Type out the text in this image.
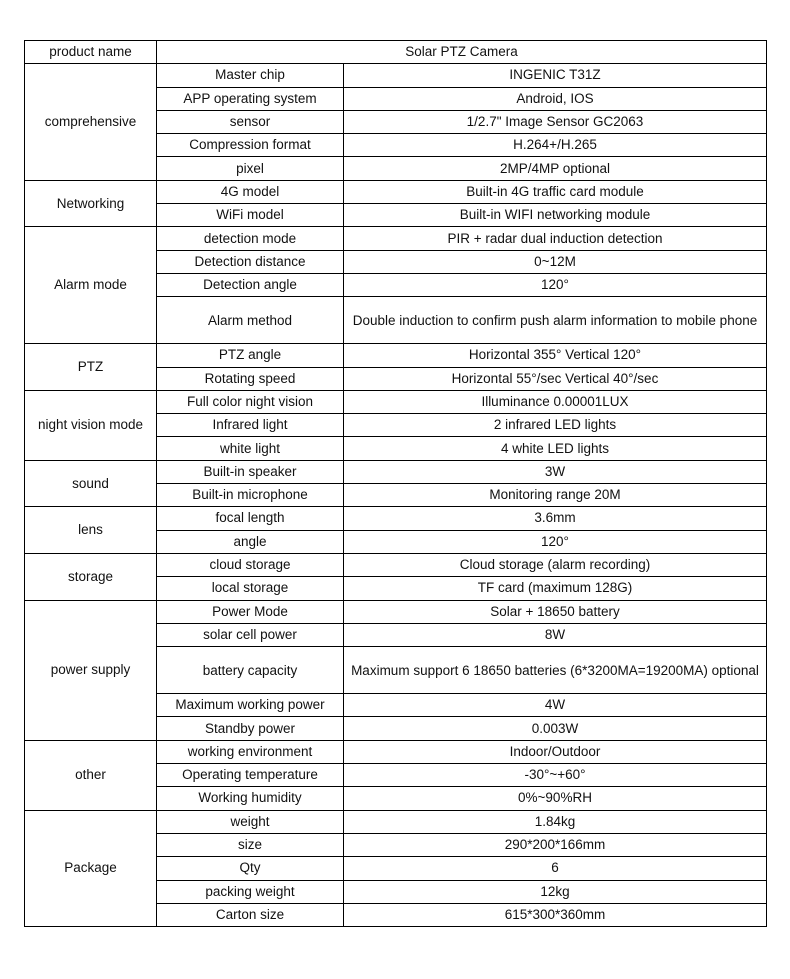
product name	Solar PTZ Camera	
comprehensive	Master chip	INGENIC T31Z
	APP operating system	Android, IOS
	sensor	1/2.7" Image Sensor GC2063
	Compression format	H.264+/H.265
	pixel	2MP/4MP optional
Networking	4G model	Built-in 4G traffic card module
	WiFi model	Built-in WIFI networking module
Alarm mode	detection mode	PIR + radar dual induction detection
	Detection distance	0~12M
	Detection angle	120°
	Alarm method	Double induction to confirm push alarm information to mobile phone

PTZ	PTZ angle	Horizontal 355° Vertical 120°
	Rotating speed	Horizontal 55°/sec Vertical 40°/sec
night vision mode	Full color night vision	Illuminance 0.00001LUX
	Infrared light	2 infrared LED lights
	white light	4 white LED lights
sound	Built-in speaker	3W
	Built-in microphone	Monitoring range 20M
lens	focal length	3.6mm
	angle	120°
storage	cloud storage	Cloud storage (alarm recording)
	local storage	TF card (maximum 128G)
power supply	Power Mode	Solar + 18650 battery
	solar cell power	8W
	battery capacity	Maximum support 6 18650 batteries (6*3200MA=19200MA) optional

	Maximum working power	4W
	Standby power	0.003W
other	working environment	Indoor/Outdoor
	Operating temperature	-30°~+60°
	Working humidity	0%~90%RH
Package	weight	1.84kg
	size	290*200*166mm
	Qty	6
	packing weight	12kg
	Carton size	615*300*360mm
